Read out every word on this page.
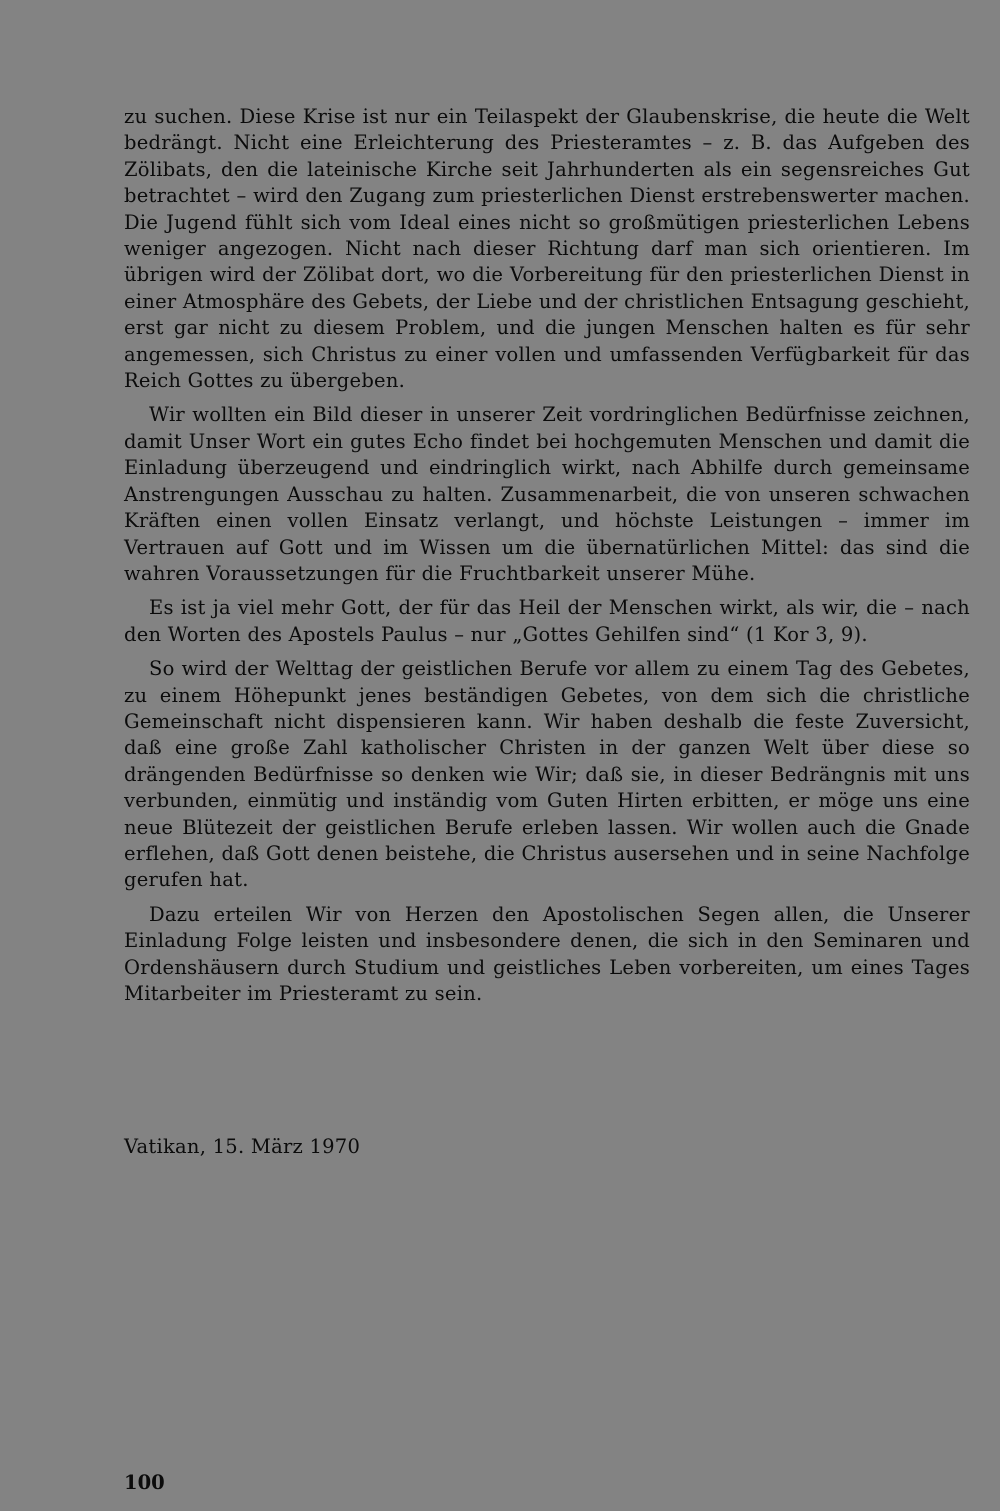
zu suchen. Diese Krise ist nur ein Teilaspekt der Glaubenskrise, die heute die Welt bedrängt. Nicht eine Erleichterung des Priesteramtes – z. B. das Aufgeben des Zölibats, den die lateinische Kirche seit Jahrhunderten als ein segensreiches Gut betrachtet – wird den Zugang zum priesterlichen Dienst erstrebenswerter machen. Die Jugend fühlt sich vom Ideal eines nicht so großmütigen priesterlichen Lebens weniger angezogen. Nicht nach dieser Richtung darf man sich orientieren. Im übrigen wird der Zölibat dort, wo die Vorbereitung für den priesterlichen Dienst in einer Atmosphäre des Gebets, der Liebe und der christlichen Entsagung geschieht, erst gar nicht zu diesem Problem, und die jungen Menschen halten es für sehr angemessen, sich Christus zu einer vollen und umfassenden Verfügbarkeit für das Reich Gottes zu übergeben.

Wir wollten ein Bild dieser in unserer Zeit vordringlichen Bedürfnisse zeichnen, damit Unser Wort ein gutes Echo findet bei hochgemuten Menschen und damit die Einladung überzeugend und eindringlich wirkt, nach Abhilfe durch gemeinsame Anstrengungen Ausschau zu halten. Zusammenarbeit, die von unseren schwachen Kräften einen vollen Einsatz verlangt, und höchste Leistungen – immer im Vertrauen auf Gott und im Wissen um die übernatürlichen Mittel: das sind die wahren Voraussetzungen für die Fruchtbarkeit unserer Mühe.

Es ist ja viel mehr Gott, der für das Heil der Menschen wirkt, als wir, die – nach den Worten des Apostels Paulus – nur „Gottes Gehilfen sind“ (1 Kor 3, 9).

So wird der Welttag der geistlichen Berufe vor allem zu einem Tag des Gebetes, zu einem Höhepunkt jenes beständigen Gebetes, von dem sich die christliche Gemeinschaft nicht dispensieren kann. Wir haben deshalb die feste Zuversicht, daß eine große Zahl katholischer Christen in der ganzen Welt über diese so drängenden Bedürfnisse so denken wie Wir; daß sie, in dieser Bedrängnis mit uns verbunden, einmütig und inständig vom Guten Hirten erbitten, er möge uns eine neue Blütezeit der geistlichen Berufe erleben lassen. Wir wollen auch die Gnade erflehen, daß Gott denen beistehe, die Christus ausersehen und in seine Nachfolge gerufen hat.

Dazu erteilen Wir von Herzen den Apostolischen Segen allen, die Unserer Einladung Folge leisten und insbesondere denen, die sich in den Seminaren und Ordenshäusern durch Studium und geistliches Leben vorbereiten, um eines Tages Mitarbeiter im Priesteramt zu sein.

Vatikan, 15. März 1970

100
